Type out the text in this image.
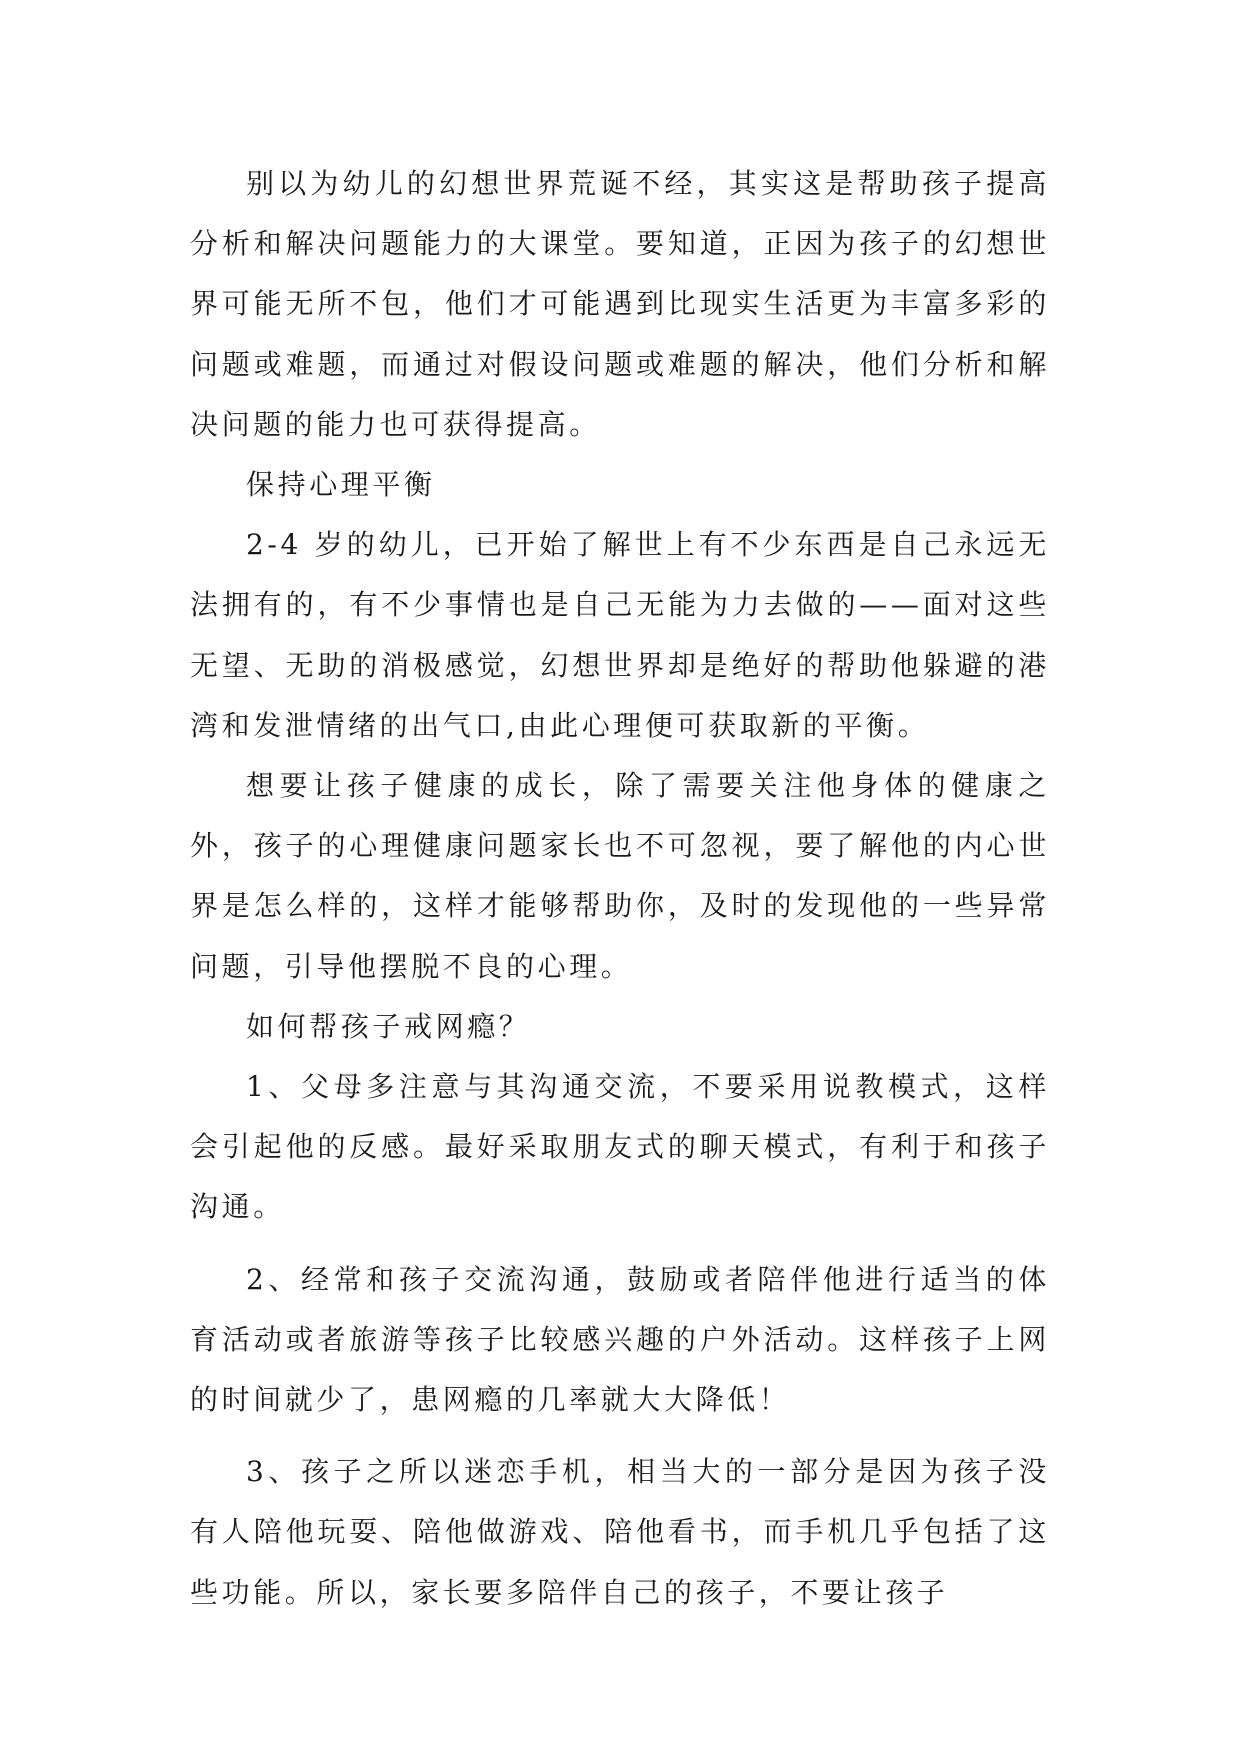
别以为幼儿的幻想世界荒诞不经，其实这是帮助孩子提高分析和解决问题能力的大课堂。要知道，正因为孩子的幻想世界可能无所不包，他们才可能遇到比现实生活更为丰富多彩的问题或难题，而通过对假设问题或难题的解决，他们分析和解决问题的能力也可获得提高。

保持心理平衡

2-4 岁的幼儿，已开始了解世上有不少东西是自己永远无法拥有的，有不少事情也是自己无能为力去做的——面对这些无望、无助的消极感觉，幻想世界却是绝好的帮助他躲避的港湾和发泄情绪的出气口,由此心理便可获取新的平衡。

想要让孩子健康的成长，除了需要关注他身体的健康之外，孩子的心理健康问题家长也不可忽视，要了解他的内心世界是怎么样的，这样才能够帮助你，及时的发现他的一些异常问题，引导他摆脱不良的心理。

如何帮孩子戒网瘾？

1、父母多注意与其沟通交流，不要采用说教模式，这样会引起他的反感。最好采取朋友式的聊天模式，有利于和孩子沟通。

2、经常和孩子交流沟通，鼓励或者陪伴他进行适当的体育活动或者旅游等孩子比较感兴趣的户外活动。这样孩子上网的时间就少了，患网瘾的几率就大大降低！

3、孩子之所以迷恋手机，相当大的一部分是因为孩子没有人陪他玩耍、陪他做游戏、陪他看书，而手机几乎包括了这些功能。所以，家长要多陪伴自己的孩子，不要让孩子
